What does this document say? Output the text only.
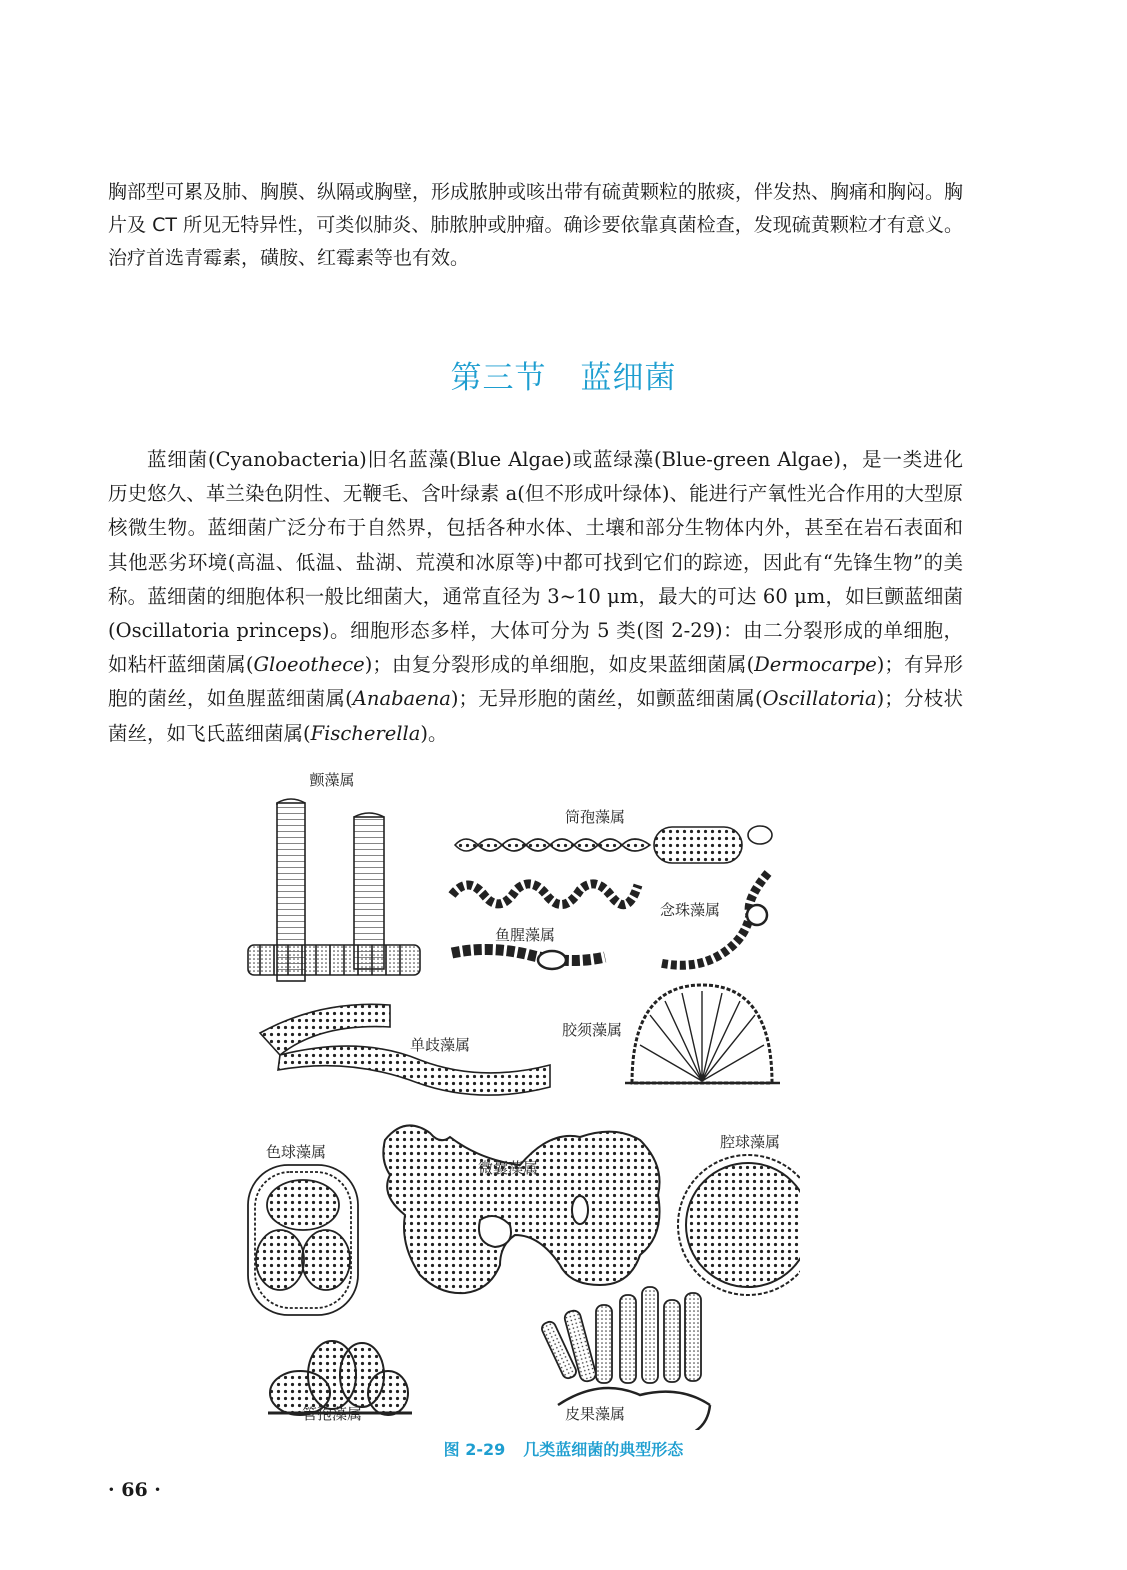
胸部型可累及肺、胸膜、纵隔或胸壁，形成脓肿或咳出带有硫黄颗粒的脓痰，伴发热、胸痛和胸闷。胸片及 CT 所见无特异性，可类似肺炎、肺脓肿或肿瘤。确诊要依靠真菌检查，发现硫黄颗粒才有意义。治疗首选青霉素，磺胺、红霉素等也有效。

第三节 蓝细菌

蓝细菌(Cyanobacteria)旧名蓝藻(Blue Algae)或蓝绿藻(Blue-green Algae)，是一类进化历史悠久、革兰染色阴性、无鞭毛、含叶绿素 a(但不形成叶绿体)、能进行产氧性光合作用的大型原核微生物。蓝细菌广泛分布于自然界，包括各种水体、土壤和部分生物体内外，甚至在岩石表面和其他恶劣环境(高温、低温、盐湖、荒漠和冰原等)中都可找到它们的踪迹，因此有“先锋生物”的美称。蓝细菌的细胞体积一般比细菌大，通常直径为 3~10 μm，最大的可达 60 μm，如巨颤蓝细菌(Oscillatoria princeps)。细胞形态多样，大体可分为 5 类(图 2-29)：由二分裂形成的单细胞，如粘杆蓝细菌属(Gloeothece)；由复分裂形成的单细胞，如皮果蓝细菌属(Dermocarpe)；有异形胞的菌丝，如鱼腥蓝细菌属(Anabaena)；无异形胞的菌丝，如颤蓝细菌属(Oscillatoria)；分枝状菌丝，如飞氏蓝细菌属(Fischerella)。

颤藻属
筒孢藻属
念珠藻属
鱼腥藻属
单歧藻属
胶须藻属
色球藻属
微囊藻属
腔球藻属
管孢藻属	皮果藻属

图 2-29 几类蓝细菌的典型形态

· 66 ·
